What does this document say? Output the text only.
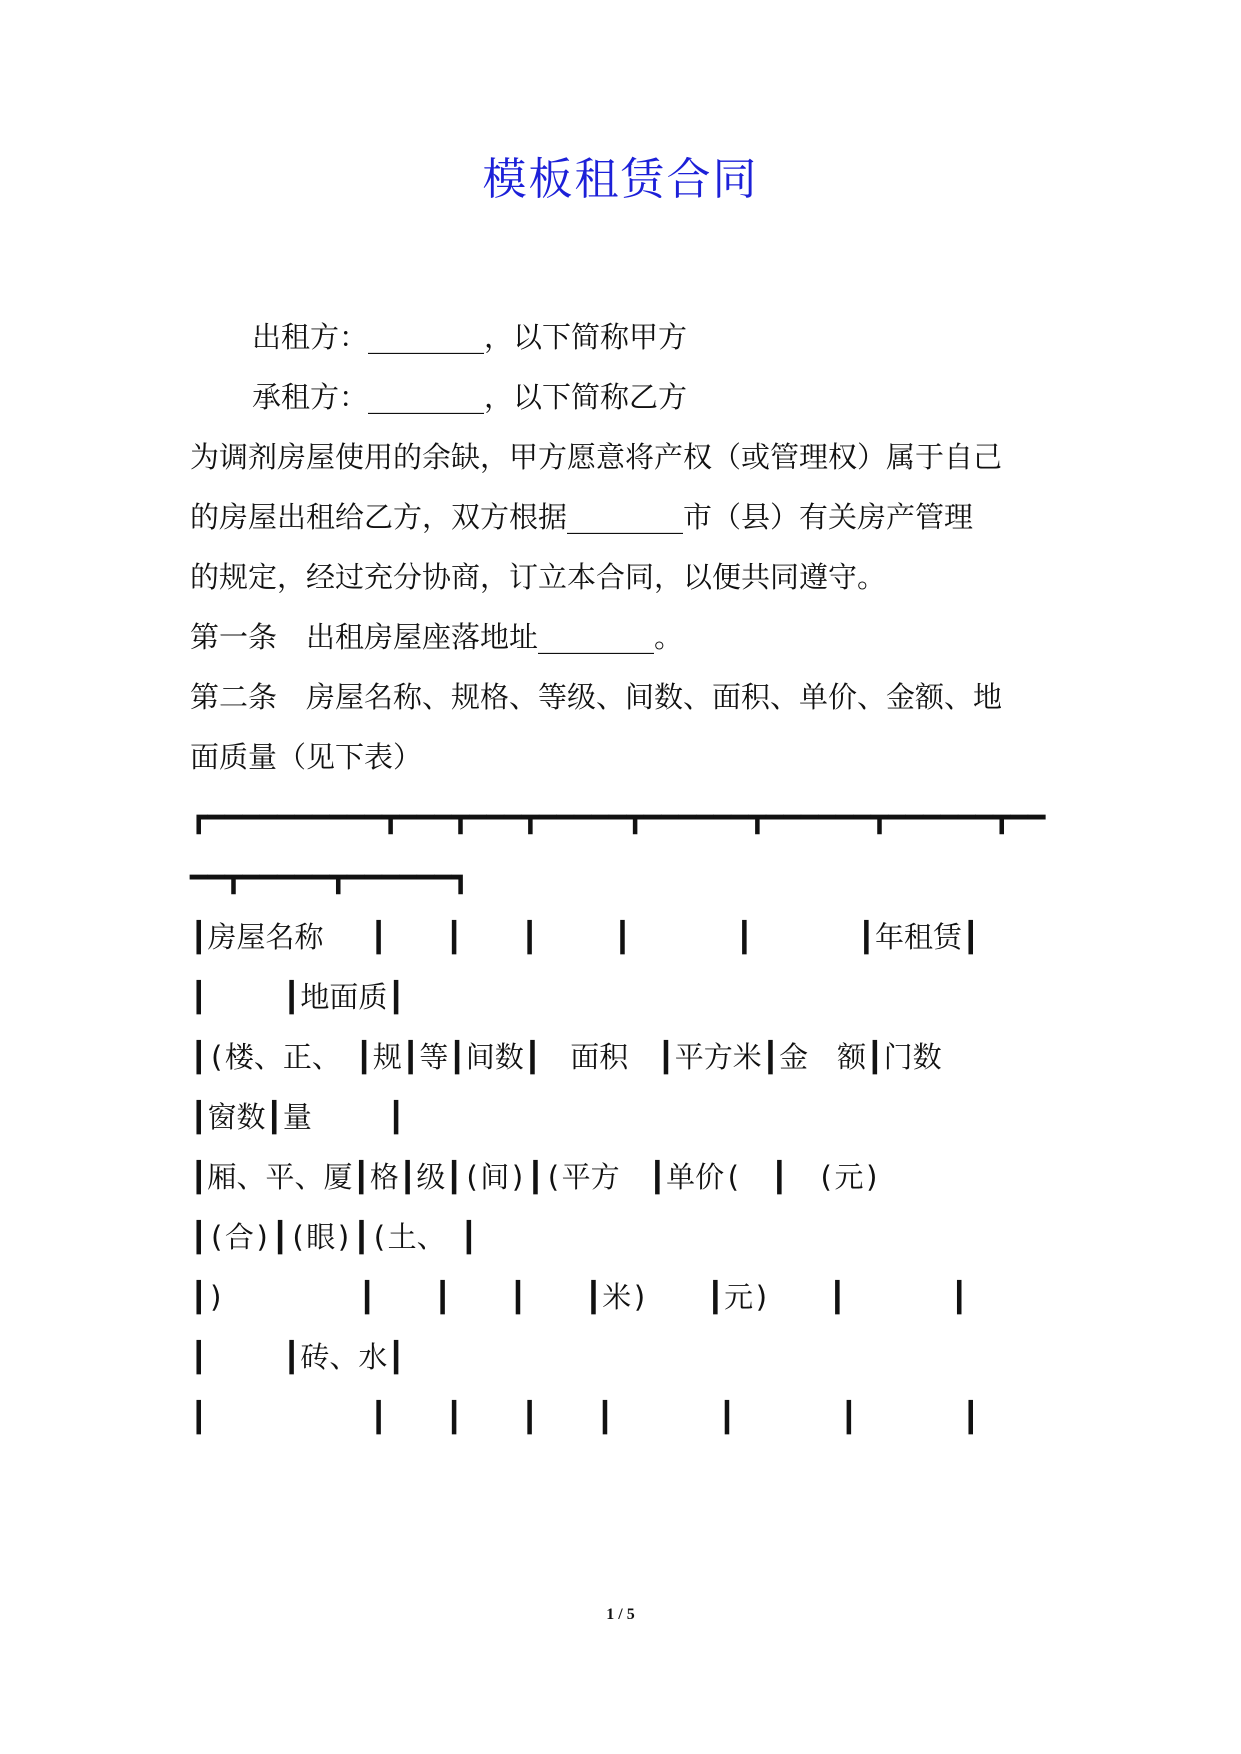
模板租赁合同
出租方：________，以下简称甲方
承租方：________，以下简称乙方
为调剂房屋使用的余缺，甲方愿意将产权（或管理权）属于自己
的房屋出租给乙方，双方根据________市（县）有关房产管理
的规定，经过充分协商，订立本合同，以便共同遵守。
第一条　出租房屋座落地址________。
第二条　房屋名称、规格、等级、间数、面积、单价、金额、地
面质量（见下表）
┏━━━━━━━━━━┳━━━┳━━━┳━━━━━┳━━━━━━┳━━━━━━┳━━━━━━┳━━
━━┳━━━━━┳━━━━━━┓
┃房屋名称　 ┃　　┃　　┃　　 ┃　　　 ┃　　　 ┃年租赁┃
┃　　 ┃地面质┃
┃(楼、正、　┃规┃等┃间数┃　面积　┃平方米┃金　额┃门数
┃窗数┃量　　 ┃
┃厢、平、厦┃格┃级┃(间)┃(平方　┃单价(　┃　(元)
┃(合)┃(眼)┃(土、　┃
┃)　　　　 ┃　　┃　　┃　　┃米)　　┃元)　　┃　　　 ┃
┃　　 ┃砖、水┃
┃　　　　　 ┃　　┃　　┃　　┃　　　 ┃　　　 ┃　　　 ┃
1 / 5
